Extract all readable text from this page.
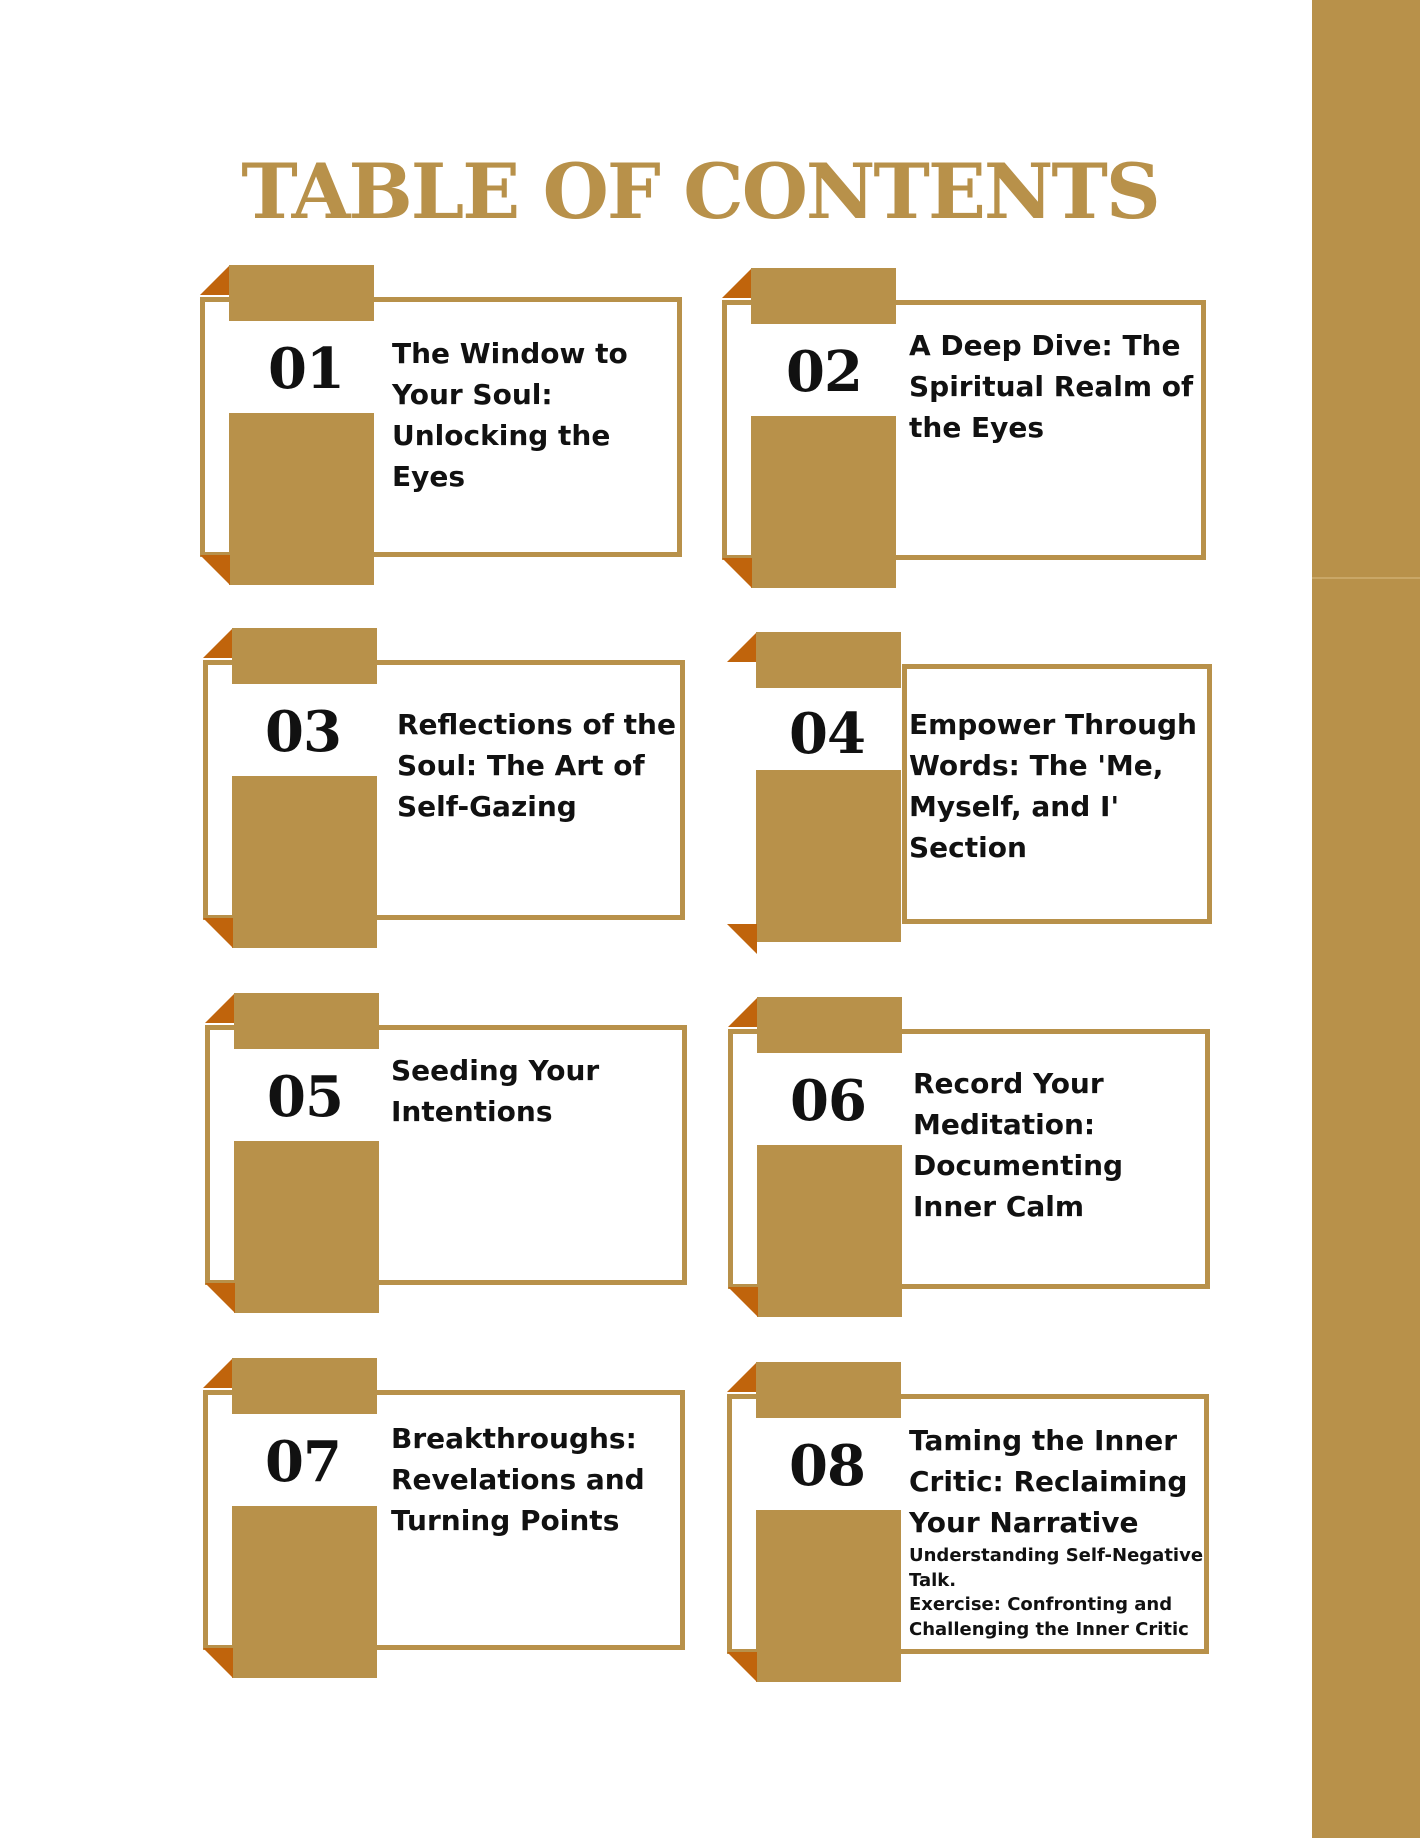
TABLE OF CONTENTS
01 The Window to Your Soul: Unlocking the Eyes

02 A Deep Dive: The Spiritual Realm of the Eyes

03 Reflections of the Soul: The Art of Self-Gazing

04 Empower Through Words: The 'Me, Myself, and I' Section

05 Seeding Your Intentions	06 Record Your Meditation: Documenting Inner Calm

07 Breakthroughs: Revelations and Turning Points

08 Taming the Inner Critic: Reclaiming Your Narrative

Understanding Self-Negative Talk.

Exercise: Confronting and Challenging the Inner Critic
